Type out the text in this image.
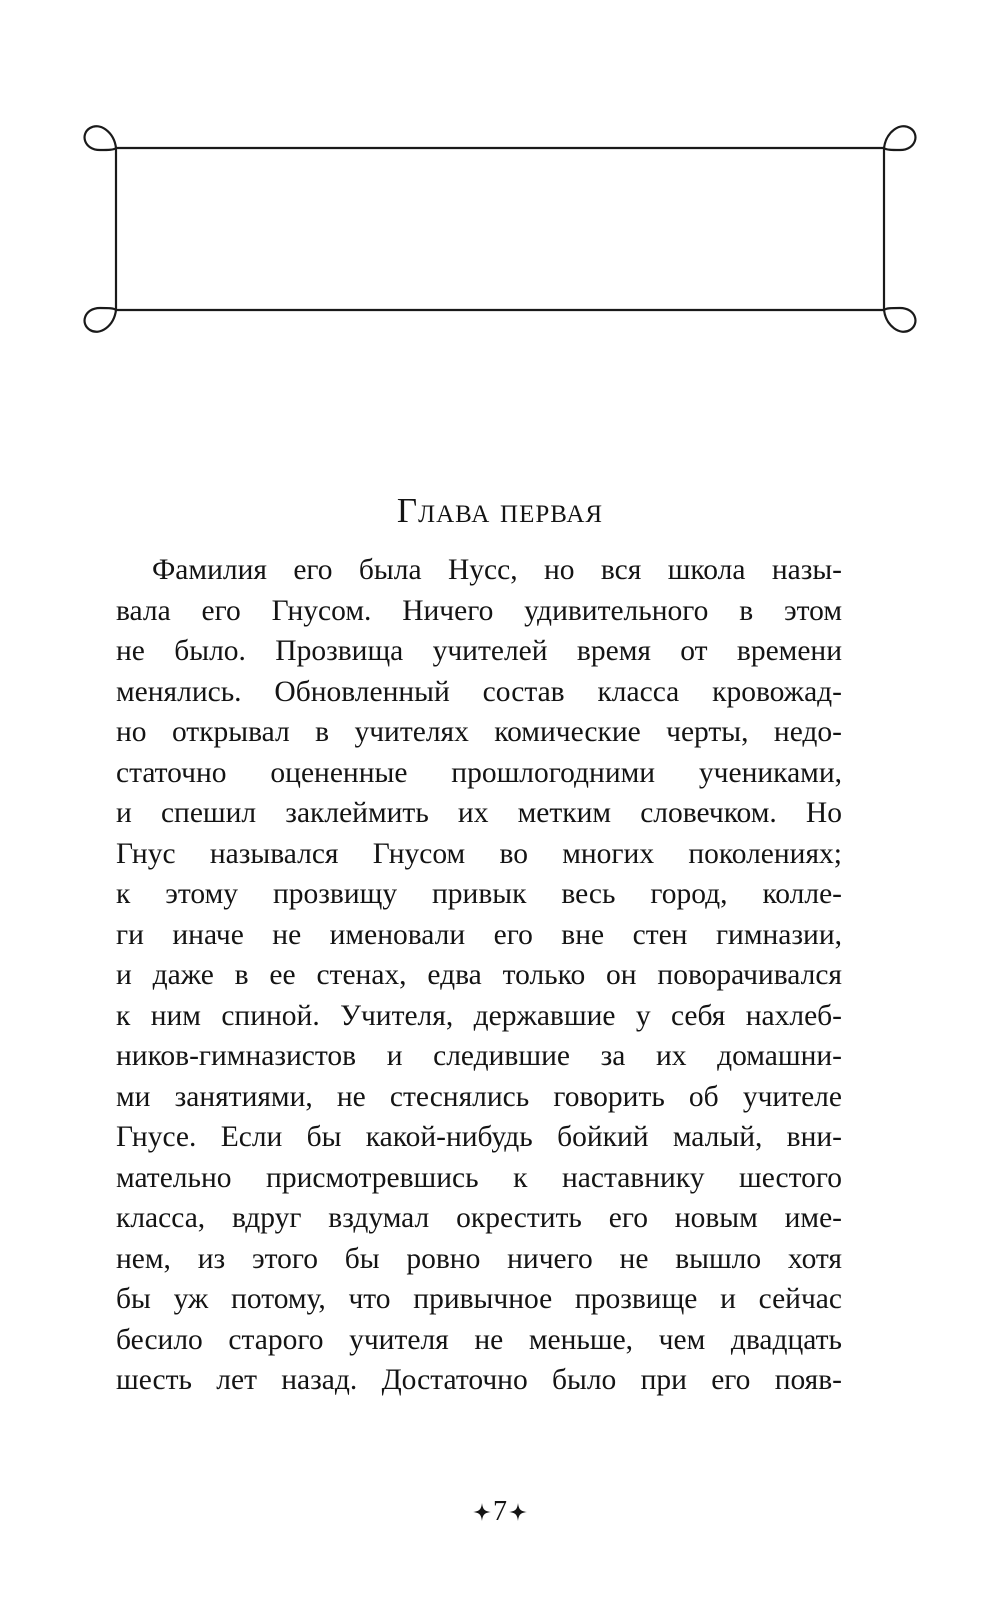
Глава первая
Фамилия его была Нусс, но вся школа назы-
вала его Гнусом. Ничего удивительного в этом
не было. Прозвища учителей время от времени
менялись. Обновленный состав класса кровожад-
но открывал в учителях комические черты, недо-
статочно оцененные прошлогодними учениками,
и спешил заклеймить их метким словечком. Но
Гнус назывался Гнусом во многих поколениях;
к этому прозвищу привык весь город, колле-
ги иначе не именовали его вне стен гимназии,
и даже в ее стенах, едва только он поворачивался
к ним спиной. Учителя, державшие у себя нахлеб-
ников-гимназистов и следившие за их домашни-
ми занятиями, не стеснялись говорить об учителе
Гнусе. Если бы какой-нибудь бойкий малый, вни-
мательно присмотревшись к наставнику шестого
класса, вдруг вздумал окрестить его новым име-
нем, из этого бы ровно ничего не вышло хотя
бы уж потому, что привычное прозвище и сейчас
бесило старого учителя не меньше, чем двадцать
шесть лет назад. Достаточно было при его появ-
7
